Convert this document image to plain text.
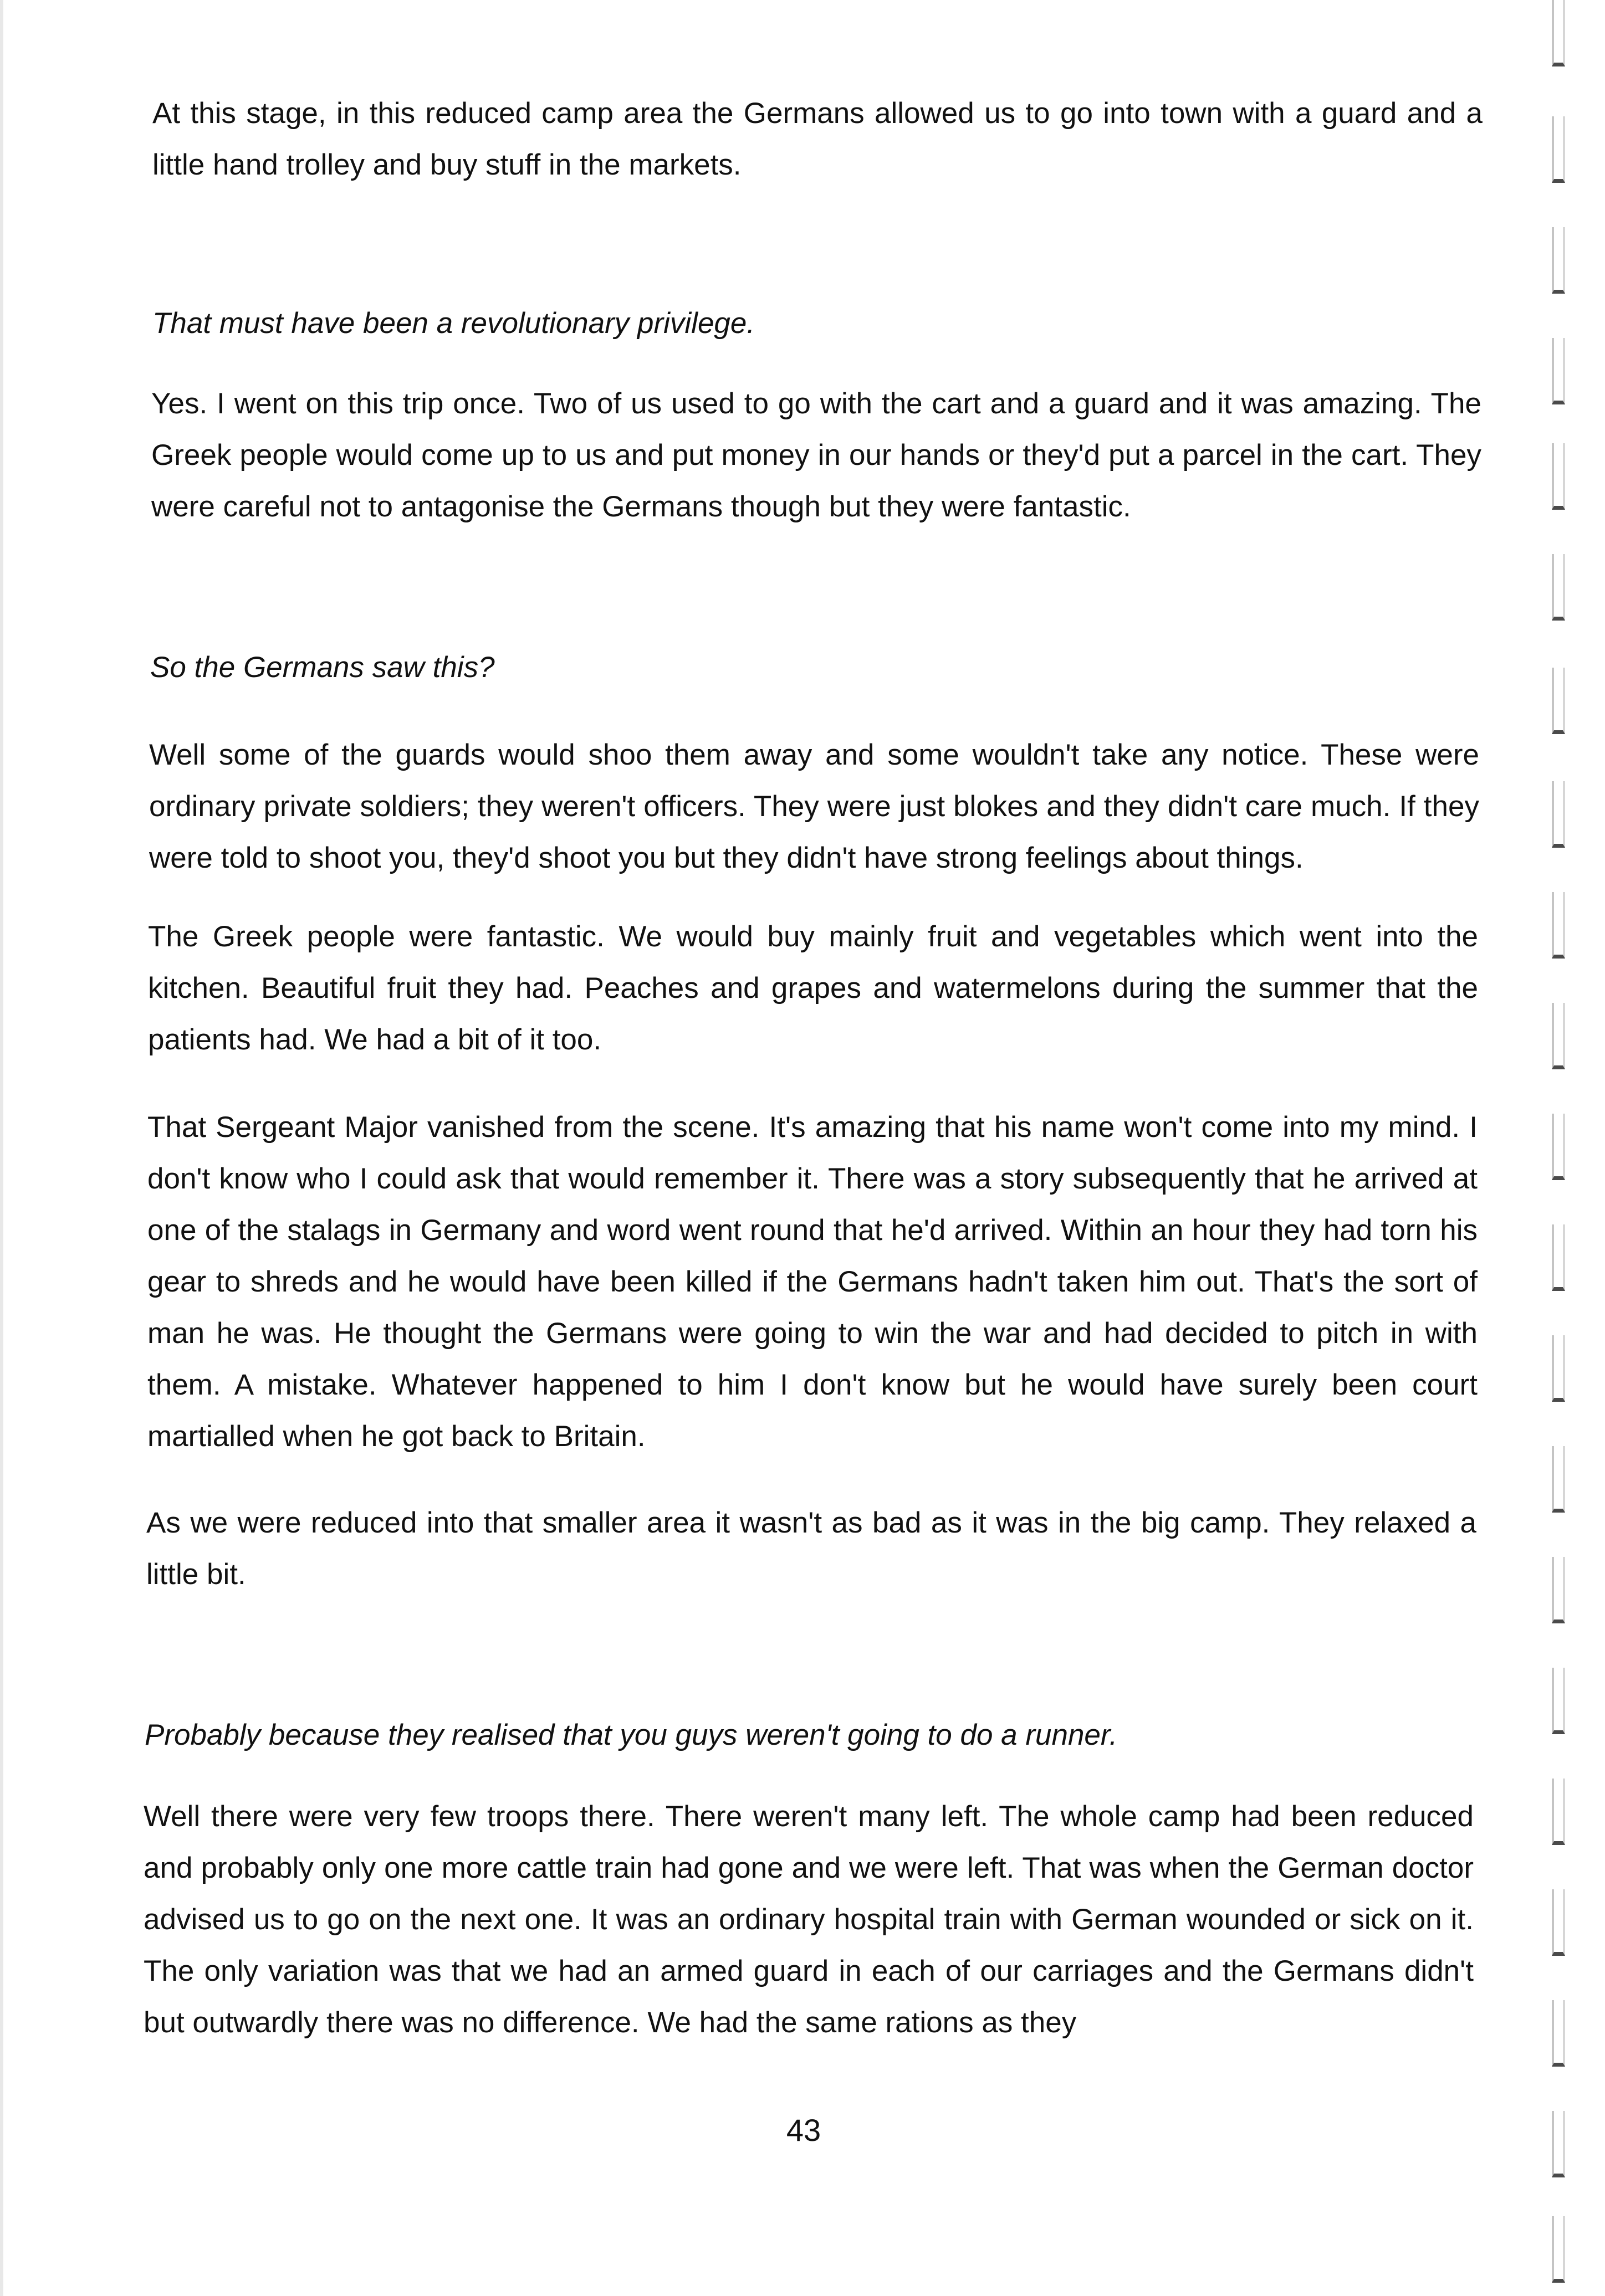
At this stage, in this reduced camp area the Germans allowed us to go into town with a guard and a little hand trolley and buy stuff in the markets.

That must have been a revolutionary privilege.

Yes. I went on this trip once. Two of us used to go with the cart and a guard and it was amazing. The Greek people would come up to us and put money in our hands or they'd put a parcel in the cart. They were careful not to antagonise the Germans though but they were fantastic.

So the Germans saw this?

Well some of the guards would shoo them away and some wouldn't take any notice. These were ordinary private soldiers; they weren't officers. They were just blokes and they didn't care much. If they were told to shoot you, they'd shoot you but they didn't have strong feelings about things.

The Greek people were fantastic. We would buy mainly fruit and vegetables which went into the kitchen. Beautiful fruit they had. Peaches and grapes and watermelons during the summer that the patients had. We had a bit of it too.

That Sergeant Major vanished from the scene. It's amazing that his name won't come into my mind. I don't know who I could ask that would remember it. There was a story subsequently that he arrived at one of the stalags in Germany and word went round that he'd arrived. Within an hour they had torn his gear to shreds and he would have been killed if the Germans hadn't taken him out. That's the sort of man he was. He thought the Germans were going to win the war and had decided to pitch in with them. A mistake. Whatever happened to him I don't know but he would have surely been court martialled when he got back to Britain.

As we were reduced into that smaller area it wasn't as bad as it was in the big camp. They relaxed a little bit.

Probably because they realised that you guys weren't going to do a runner.

Well there were very few troops there. There weren't many left. The whole camp had been reduced and probably only one more cattle train had gone and we were left. That was when the German doctor advised us to go on the next one. It was an ordinary hospital train with German wounded or sick on it. The only variation was that we had an armed guard in each of our carriages and the Germans didn't but outwardly there was no difference. We had the same rations as they

43
